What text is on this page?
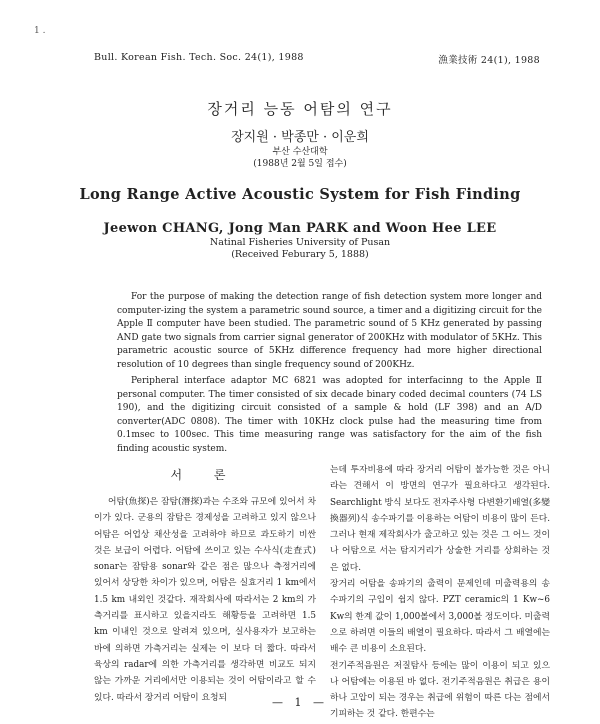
1 .
Bull. Korean Fish. Tech. Soc. 24(1), 1988	漁業技術 24(1), 1988
장거리 능동 어탐의 연구
장지원 · 박종만 · 이운희
부산 수산대학
(1988년 2월 5일 접수)
Long Range Active Acoustic System for Fish Finding
Jeewon CHANG, Jong Man PARK and Woon Hee LEE
Natinal Fisheries University of Pusan
(Received Feburary 5, 1888)

For the purpose of making the detection range of fish detection system more longer and computer-izing the system a parametric sound source, a timer and a digitizing circuit for the Apple Ⅱ computer have been studied. The parametric sound of 5 KHz generated by passing AND gate two signals from carrier signal generator of 200KHz with modulator of 5KHz. This parametric acoustic source of 5KHz difference frequency had more higher directional resolution of 10 degrees than single frequency sound of 200KHz.

Peripheral interface adaptor MC 6821 was adopted for interfacinng to the Apple Ⅱ personal computer. The timer consisted of six decade binary coded decimal counters (74 LS 190), and the digitizing circuit consisted of a sample & hold (LF 398) and an A/D converter(ADC 0808). The timer with 10KHz clock pulse had the measuring time from 0.1msec to 100sec. This time measuring range was satisfactory for the aim of the fish finding acoustic system.

서 론

어탐(魚探)은 잠탐(潛探)과는 수조와 규모에 있어서 차이가 있다. 군용의 잠탐은 경제성을 고려하고 있지 않으나 어탐은 어업상 채산성을 고려하야 하므로 과도하기 비싼 것은 보급이 어렵다. 어탐에 쓰이고 있는 수사식(走査式) sonar는 잠탐용 sonar와 같은 점은 많으나 측정거리에 있어서 상당한 차이가 있으며, 어탐은 실효거리 1 km에서 1.5 km 내외인 것같다. 재작회사에 따라서는 2 km의 가측거리를 표시하고 있을지라도 해황등을 고려하면 1.5 km 이내인 것으로 알려져 있으며, 실사용자가 보고하는 바에 의하면 가측거리는 실제는 이 보다 더 짧다. 따라서 육상의 radar에 의한 가측거리를 생각하면 비교도 되지 않는 가까운 거리에서만 이용되는 것이 어탐이라고 할 수 있다. 따라서 장거리 어탐이 요청되

는데 투자비용에 따라 장거리 어탐이 불가능한 것은 아니라는 견해서 이 방면의 연구가 필요하다고 생각된다. Searchlight 방식 보다도 전자주사형 다변환기배열(多變換器列)식 송수파기를 이용하는 어탐이 비용이 많이 든다. 그러나 현재 제작회사가 출고하고 있는 것은 그 어느 것이나 어탐으로 서는 탐지거리가 상술한 거리를 상회하는 것은 없다.
장거리 어탐을 송파기의 출력이 문제인데 미출력용의 송수파기의 구입이 쉽지 않다. PZT ceramic의 1 Kw~6 Kw의 한계 값이 1,000볼에서 3,000볼 정도이다. 미출력으로 하려면 이들의 배열이 필요하다. 따라서 그 배열에는 배수 큰 비용이 소요된다.
전기주적음원은 저질탐사 등에는 많이 이용이 되고 있으나 어탐에는 이용된 바 없다. 전기주적음원은 취급은 용이하나 고압이 되는 경우는 취급에 위험이 따른 다는 점에서 기피하는 것 같다. 한편수는

— 1 —
